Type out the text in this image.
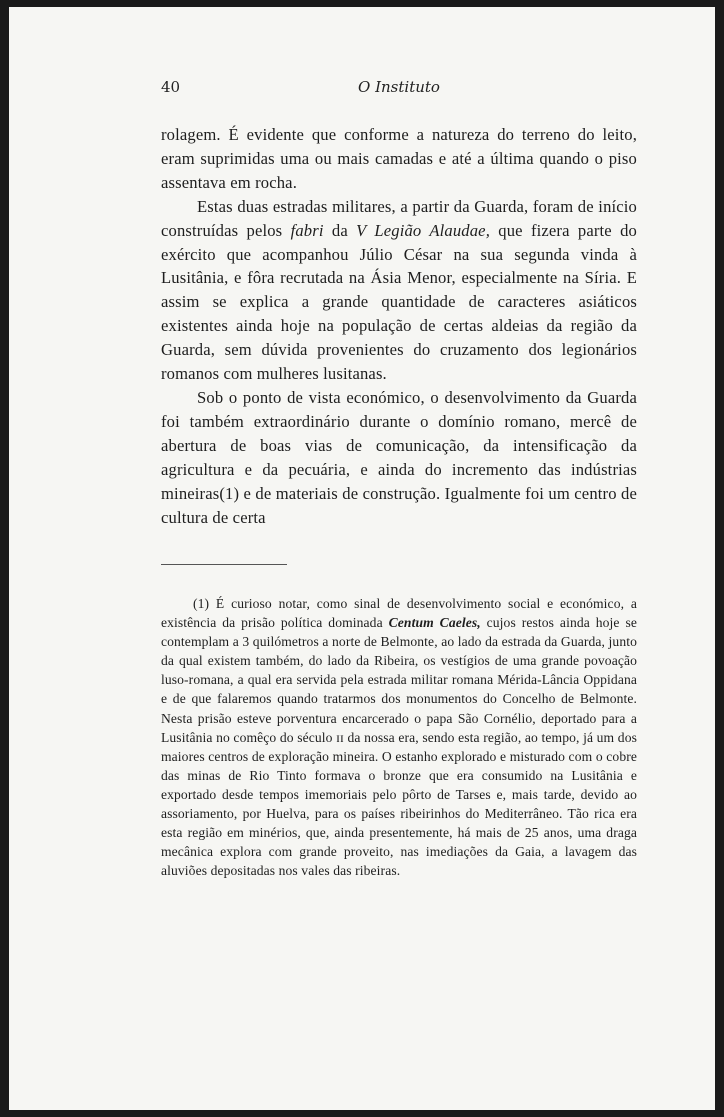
40	O Instituto

rolagem. É evidente que conforme a natureza do terreno do leito, eram suprimidas uma ou mais camadas e até a última quando o piso assentava em rocha.

Estas duas estradas militares, a partir da Guarda, foram de início construídas pelos fabri da V Legião Alaudae, que fizera parte do exército que acompanhou Júlio César na sua segunda vinda à Lusitânia, e fôra recrutada na Ásia Menor, especialmente na Síria. E assim se explica a grande quantidade de caracteres asiáticos existentes ainda hoje na população de certas aldeias da região da Guarda, sem dúvida provenientes do cruzamento dos legionários romanos com mulheres lusitanas.

Sob o ponto de vista económico, o desenvolvimento da Guarda foi também extraordinário durante o domínio romano, mercê de abertura de boas vias de comunicação, da intensificação da agricultura e da pecuária, e ainda do incremento das indústrias mineiras(1) e de materiais de construção. Igualmente foi um centro de cultura de certa

(1) É curioso notar, como sinal de desenvolvimento social e económico, a existência da prisão política dominada Centum Caeles, cujos restos ainda hoje se contemplam a 3 quilómetros a norte de Belmonte, ao lado da estrada da Guarda, junto da qual existem também, do lado da Ribeira, os vestígios de uma grande povoação luso-romana, a qual era servida pela estrada militar romana Mérida-Lância Oppidana e de que falaremos quando tratarmos dos monumentos do Concelho de Belmonte. Nesta prisão esteve porventura encarcerado o papa São Cornélio, deportado para a Lusitânia no comêço do século ɪɪ da nossa era, sendo esta região, ao tempo, já um dos maiores centros de exploração mineira. O estanho explorado e misturado com o cobre das minas de Rio Tinto formava o bronze que era consumido na Lusitânia e exportado desde tempos imemoriais pelo pôrto de Tarses e, mais tarde, devido ao assoriamento, por Huelva, para os países ribeirinhos do Mediterrâneo. Tão rica era esta região em minérios, que, ainda presentemente, há mais de 25 anos, uma draga mecânica explora com grande proveito, nas imediações da Gaia, a lavagem das aluviões depositadas nos vales das ribeiras.
